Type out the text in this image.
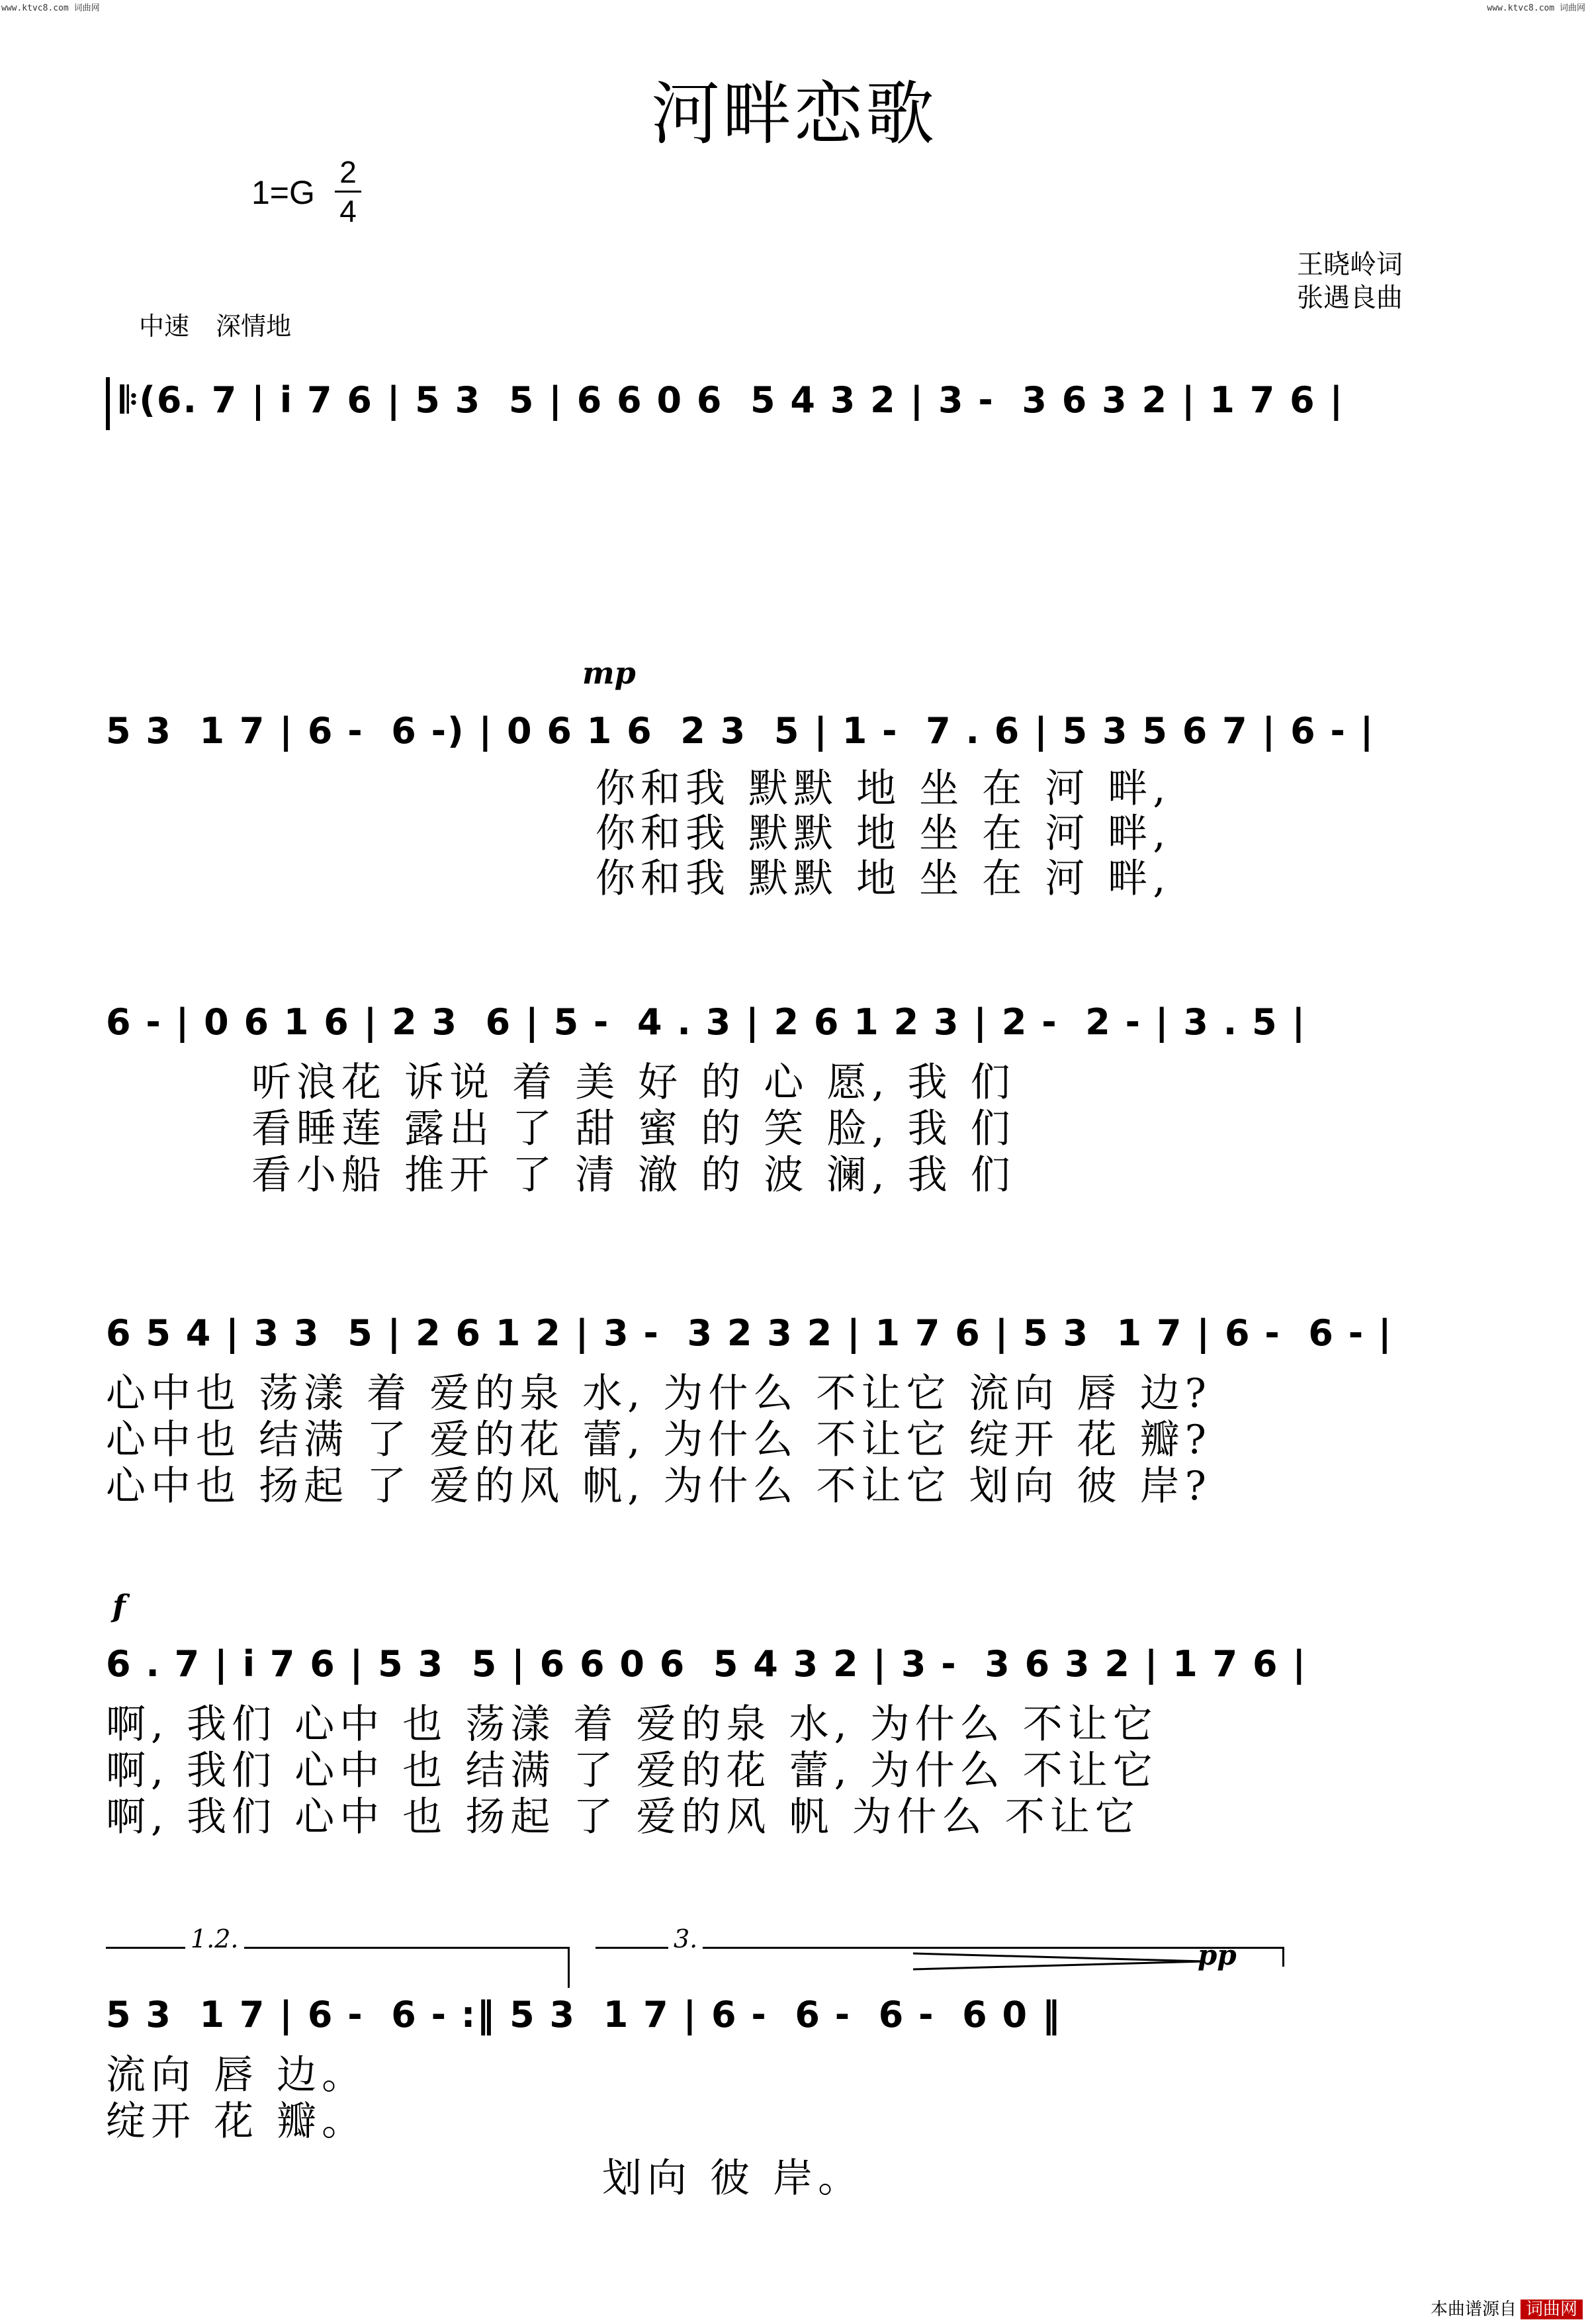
www.ktvc8.com 词曲网	www.ktvc8.com 词曲网
河畔恋歌
1=G
2
4
王晓岭词
张遇良曲
中速 深情地
𝄆(6. 7 | i 7 6 | 5 3  5 | 6 6 0 6  5 4 3 2 | 3 -  3 6 3 2 | 1 7 6 |
mp
5 3  1 7 | 6 -  6 -) | 0 6 1 6  2 3  5 | 1 -  7 . 6 | 5 3 5 6 7 | 6 - |
你和我 默默 地 坐 在 河 畔,
你和我 默默 地 坐 在 河 畔,
你和我 默默 地 坐 在 河 畔,
6 - | 0 6 1 6 | 2 3  6 | 5 -  4 . 3 | 2 6 1 2 3 | 2 -  2 - | 3 . 5 |
听浪花 诉说 着 美 好 的 心 愿, 我 们
看睡莲 露出 了 甜 蜜 的 笑 脸, 我 们
看小船 推开 了 清 澈 的 波 澜, 我 们
6 5 4 | 3 3  5 | 2 6 1 2 | 3 -  3 2 3 2 | 1 7 6 | 5 3  1 7 | 6 -  6 - |
心中也 荡漾 着 爱的泉 水, 为什么 不让它 流向 唇 边?
心中也 结满 了 爱的花 蕾, 为什么 不让它 绽开 花 瓣?
心中也 扬起 了 爱的风 帆, 为什么 不让它 划向 彼 岸?
f
6 . 7 | i 7 6 | 5 3  5 | 6 6 0 6  5 4 3 2 | 3 -  3 6 3 2 | 1 7 6 |
啊, 我们 心中 也 荡漾 着 爱的泉 水, 为什么 不让它
啊, 我们 心中 也 结满 了 爱的花 蕾, 为什么 不让它
啊, 我们 心中 也 扬起 了 爱的风 帆 为什么 不让它
1.2.	3.	pp
5 3  1 7 | 6 -  6 - :‖ 5 3  1 7 | 6 -  6 -  6 -  6 0 ‖
流向 唇 边。
绽开 花 瓣。
划向 彼 岸。
本曲谱源自 词曲网
